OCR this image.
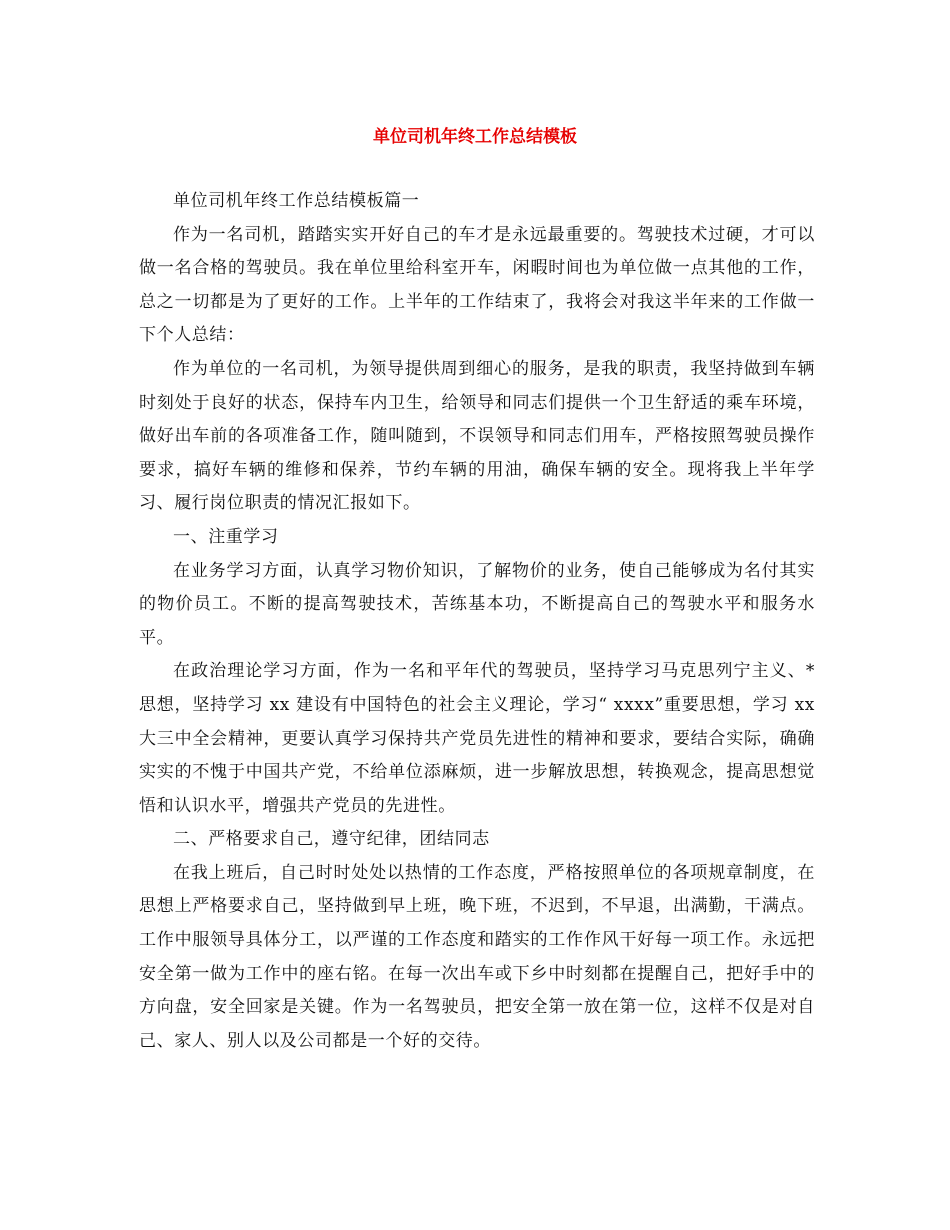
单位司机年终工作总结模板

单位司机年终工作总结模板篇一

作为一名司机，踏踏实实开好自己的车才是永远最重要的。驾驶技术过硬，才可以做一名合格的驾驶员。我在单位里给科室开车，闲暇时间也为单位做一点其他的工作，总之一切都是为了更好的工作。上半年的工作结束了，我将会对我这半年来的工作做一下个人总结：

作为单位的一名司机，为领导提供周到细心的服务，是我的职责，我坚持做到车辆时刻处于良好的状态，保持车内卫生，给领导和同志们提供一个卫生舒适的乘车环境，做好出车前的各项准备工作，随叫随到，不误领导和同志们用车，严格按照驾驶员操作要求，搞好车辆的维修和保养，节约车辆的用油，确保车辆的安全。现将我上半年学习、履行岗位职责的情况汇报如下。

一、注重学习

在业务学习方面，认真学习物价知识，了解物价的业务，使自己能够成为名付其实的物价员工。不断的提高驾驶技术，苦练基本功，不断提高自己的驾驶水平和服务水平。

在政治理论学习方面，作为一名和平年代的驾驶员，坚持学习马克思列宁主义、*思想，坚持学习 xx 建设有中国特色的社会主义理论，学习“ xxxx”重要思想，学习 xx 大三中全会精神，更要认真学习保持共产党员先进性的精神和要求，要结合实际，确确实实的不愧于中国共产党，不给单位添麻烦，进一步解放思想，转换观念，提高思想觉悟和认识水平，增强共产党员的先进性。

二、严格要求自己，遵守纪律，团结同志

在我上班后，自己时时处处以热情的工作态度，严格按照单位的各项规章制度，在思想上严格要求自己，坚持做到早上班，晚下班，不迟到，不早退，出满勤，干满点。工作中服领导具体分工，以严谨的工作态度和踏实的工作作风干好每一项工作。永远把安全第一做为工作中的座右铭。在每一次出车或下乡中时刻都在提醒自己，把好手中的方向盘，安全回家是关键。作为一名驾驶员，把安全第一放在第一位，这样不仅是对自己、家人、别人以及公司都是一个好的交待。
